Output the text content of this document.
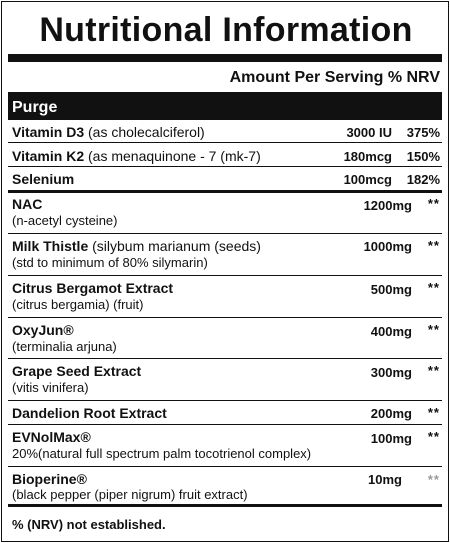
Nutritional Information
Amount Per Serving % NRV
Purge
Vitamin D3 (as cholecalciferol)	3000 IU	375%
Vitamin K2 (as menaquinone - 7 (mk-7)	180mcg	150%
Selenium	100mcg	182%
NAC
(n-acetyl cysteine)
1200mg	**
Milk Thistle (silybum marianum (seeds)
(std to minimum of 80% silymarin)
1000mg	**
Citrus Bergamot Extract
(citrus bergamia) (fruit)
500mg	**
OxyJun®
(terminalia arjuna)
400mg	**
Grape Seed Extract
(vitis vinifera)
300mg	**
Dandelion Root Extract	200mg	**
EVNolMax®
20%(natural full spectrum palm tocotrienol complex)
100mg	**
Bioperine®
(black pepper (piper nigrum) fruit extract)
10mg	**
% (NRV) not established.
